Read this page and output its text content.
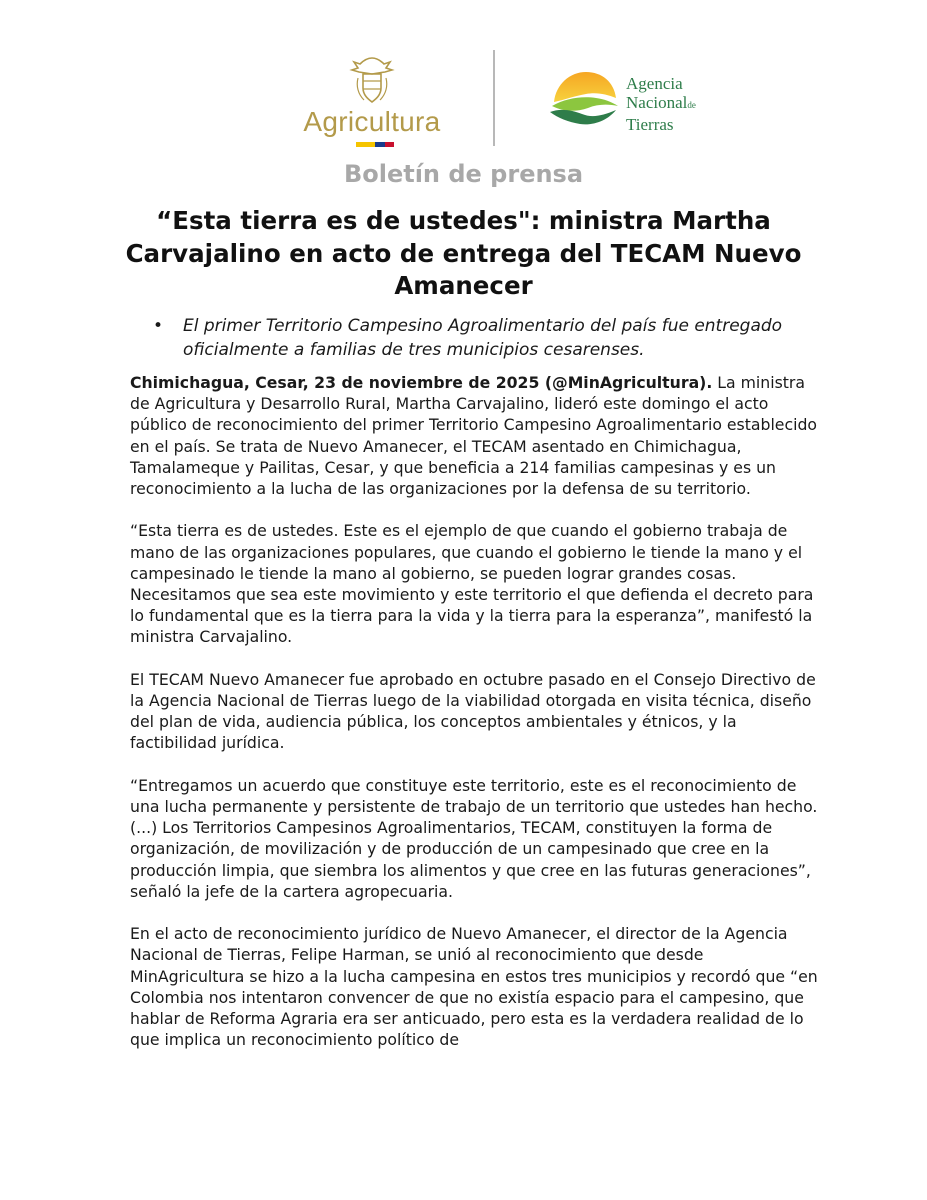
Agricultura
Agencia
Nacionalde
Tierras
Boletín de prensa
“Esta tierra es de ustedes": ministra Martha Carvajalino en acto de entrega del TECAM Nuevo Amanecer
• El primer Territorio Campesino Agroalimentario del país fue entregado oficialmente a familias de tres municipios cesarenses.

Chimichagua, Cesar, 23 de noviembre de 2025 (@MinAgricultura). La ministra de Agricultura y Desarrollo Rural, Martha Carvajalino, lideró este domingo el acto público de reconocimiento del primer Territorio Campesino Agroalimentario establecido en el país. Se trata de Nuevo Amanecer, el TECAM asentado en Chimichagua, Tamalameque y Pailitas, Cesar, y que beneficia a 214 familias campesinas y es un reconocimiento a la lucha de las organizaciones por la defensa de su territorio.

“Esta tierra es de ustedes. Este es el ejemplo de que cuando el gobierno trabaja de mano de las organizaciones populares, que cuando el gobierno le tiende la mano y el campesinado le tiende la mano al gobierno, se pueden lograr grandes cosas. Necesitamos que sea este movimiento y este territorio el que defienda el decreto para lo fundamental que es la tierra para la vida y la tierra para la esperanza”, manifestó la ministra Carvajalino.

El TECAM Nuevo Amanecer fue aprobado en octubre pasado en el Consejo Directivo de la Agencia Nacional de Tierras luego de la viabilidad otorgada en visita técnica, diseño del plan de vida, audiencia pública, los conceptos ambientales y étnicos, y la factibilidad jurídica.

“Entregamos un acuerdo que constituye este territorio, este es el reconocimiento de una lucha permanente y persistente de trabajo de un territorio que ustedes han hecho. (...) Los Territorios Campesinos Agroalimentarios, TECAM, constituyen la forma de organización, de movilización y de producción de un campesinado que cree en la producción limpia, que siembra los alimentos y que cree en las futuras generaciones”, señaló la jefe de la cartera agropecuaria.

En el acto de reconocimiento jurídico de Nuevo Amanecer, el director de la Agencia Nacional de Tierras, Felipe Harman, se unió al reconocimiento que desde MinAgricultura se hizo a la lucha campesina en estos tres municipios y recordó que “en Colombia nos intentaron convencer de que no existía espacio para el campesino, que hablar de Reforma Agraria era ser anticuado, pero esta es la verdadera realidad de lo que implica un reconocimiento político de
